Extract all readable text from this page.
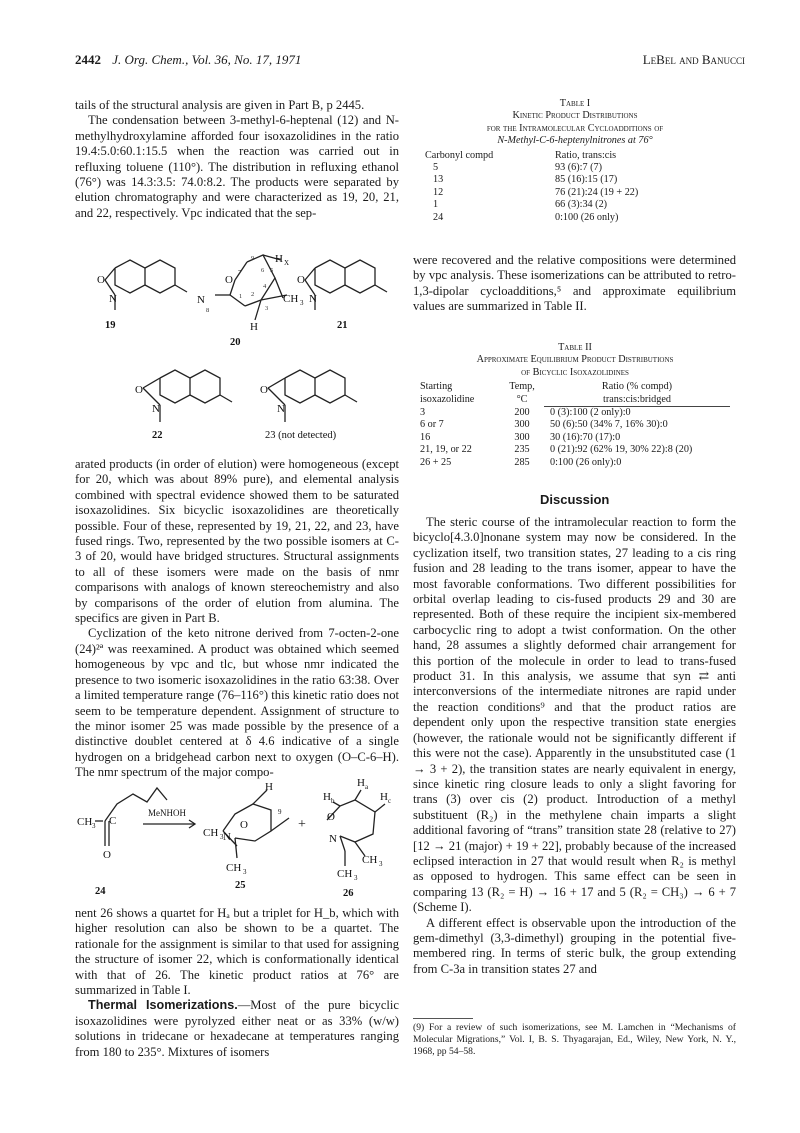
2442 J. Org. Chem., Vol. 36, No. 17, 1971	LeBel and Banucci

tails of the structural analysis are given in Part B, p 2445.

The condensation between 3-methyl-6-heptenal (12) and N-methylhydroxylamine afforded four isoxazolidines in the ratio 19.4:5.0:60.1:15.5 when the reaction was carried out in refluxing toluene (110°). The distribution in refluxing ethanol (76°) was 14.3:3.5: 74.0:8.2. The products were separated by elution chromatography and were characterized as 19, 20, 21, and 22, respectively. Vpc indicated that the sep-

O
N
O
N
O
N
H X
CH 3
H
O
N
O
N
9
7	6 5
4
8
1 2
3
19
20
21
22	23 (not detected)

arated products (in order of elution) were homogeneous (except for 20, which was about 89% pure), and elemental analysis combined with spectral evidence showed them to be saturated isoxazolidines. Six bicyclic isoxazolidines are theoretically possible. Four of these, represented by 19, 21, 22, and 23, have fused rings. Two, represented by the two possible isomers at C-3 of 20, would have bridged structures. Structural assignments to all of these isomers were made on the basis of nmr comparisons with analogs of known stereochemistry and also by comparisons of the order of elution from alumina. The specifics are given in Part B.

Cyclization of the keto nitrone derived from 7-octen-2-one (24)²ª was reexamined. A product was obtained which seemed homogeneous by vpc and tlc, but whose nmr indicated the presence to two isomeric isoxazolidines in the ratio 63:38. Over a limited temperature range (76–116°) this kinetic ratio does not seem to be temperature dependent. Assignment of structure to the minor isomer 25 was made possible by the presence of a distinctive doublet centered at δ 4.6 indicative of a single hydrogen on a bridgehead carbon next to oxygen (O–C-6–H). The nmr spectrum of the major compo-

CH
O
C
MeNHOH
CH N
O
H
CH
+ O
N
CH
CH
H
H	H
3
3
3
3
3
a
b	c
9
24
25
26

nent 26 shows a quartet for Hₐ but a triplet for H_b, which with higher resolution can also be shown to be a quartet. The rationale for the assignment is similar to that used for assigning the structure of isomer 22, which is conformationally identical with that of 26. The kinetic product ratios at 76° are summarized in Table I.

Thermal Isomerizations.—Most of the pure bicyclic isoxazolidines were pyrolyzed either neat or as 33% (w/w) solutions in tridecane or hexadecane at temperatures ranging from 180 to 235°. Mixtures of isomers

Table I
Kinetic Product Distributions
for the Intramolecular Cycloadditions of
N-Methyl-C-6-heptenylnitrones at 76°
Carbonyl compd	Ratio, trans:cis
5	93 (6):7 (7)
13	85 (16):15 (17)
12	76 (21):24 (19 + 22)
1	66 (3):34 (2)
24	0:100 (26 only)

were recovered and the relative compositions were determined by vpc analysis. These isomerizations can be attributed to retro-1,3-dipolar cycloadditions,⁵ and approximate equilibrium values are summarized in Table II.

Table II
Approximate Equilibrium Product Distributions
of Bicyclic Isoxazolidines
Starting	Temp,	Ratio (% compd)
isoxazolidine	°C	trans:cis:bridged
3	200	0 (3):100 (2 only):0
6 or 7	300	50 (6):50 (34% 7, 16% 30):0
16	300	30 (16):70 (17):0
21, 19, or 22	235	0 (21):92 (62% 19, 30% 22):8 (20)
26 + 25	285	0:100 (26 only):0
Discussion

The steric course of the intramolecular reaction to form the bicyclo[4.3.0]nonane system may now be considered. In the cyclization itself, two transition states, 27 leading to a cis ring fusion and 28 leading to the trans isomer, appear to have the most favorable conformations. Two different possibilities for orbital overlap leading to cis-fused products 29 and 30 are represented. Both of these require the incipient six-membered carbocyclic ring to adopt a twist conformation. On the other hand, 28 assumes a slightly deformed chair arrangement for this portion of the molecule in order to lead to trans-fused product 31. In this analysis, we assume that syn ⇄ anti interconversions of the intermediate nitrones are rapid under the reaction conditions⁹ and that the product ratios are dependent only upon the respective transition state energies (however, the rationale would not be significantly different if this were not the case). Apparently in the unsubstituted case (1 → 3 + 2), the transition states are nearly equivalent in energy, since kinetic ring closure leads to only a slight favoring for trans (3) over cis (2) product. Introduction of a methyl substituent (R₂) in the methylene chain imparts a slight additional favoring of “trans” transition state 28 (relative to 27) [12 → 21 (major) + 19 + 22], probably because of the increased eclipsed interaction in 27 that would result when R₂ is methyl as opposed to hydrogen. This same effect can be seen in comparing 13 (R₂ = H) → 16 + 17 and 5 (R₂ = CH₃) → 6 + 7 (Scheme I).

A different effect is observable upon the introduction of the gem-dimethyl (3,3-dimethyl) grouping in the potential five-membered ring. In terms of steric bulk, the group extending from C-3a in transition states 27 and

(9) For a review of such isomerizations, see M. Lamchen in “Mechanisms of Molecular Migrations,” Vol. I, B. S. Thyagarajan, Ed., Wiley, New York, N. Y., 1968, pp 54–58.
